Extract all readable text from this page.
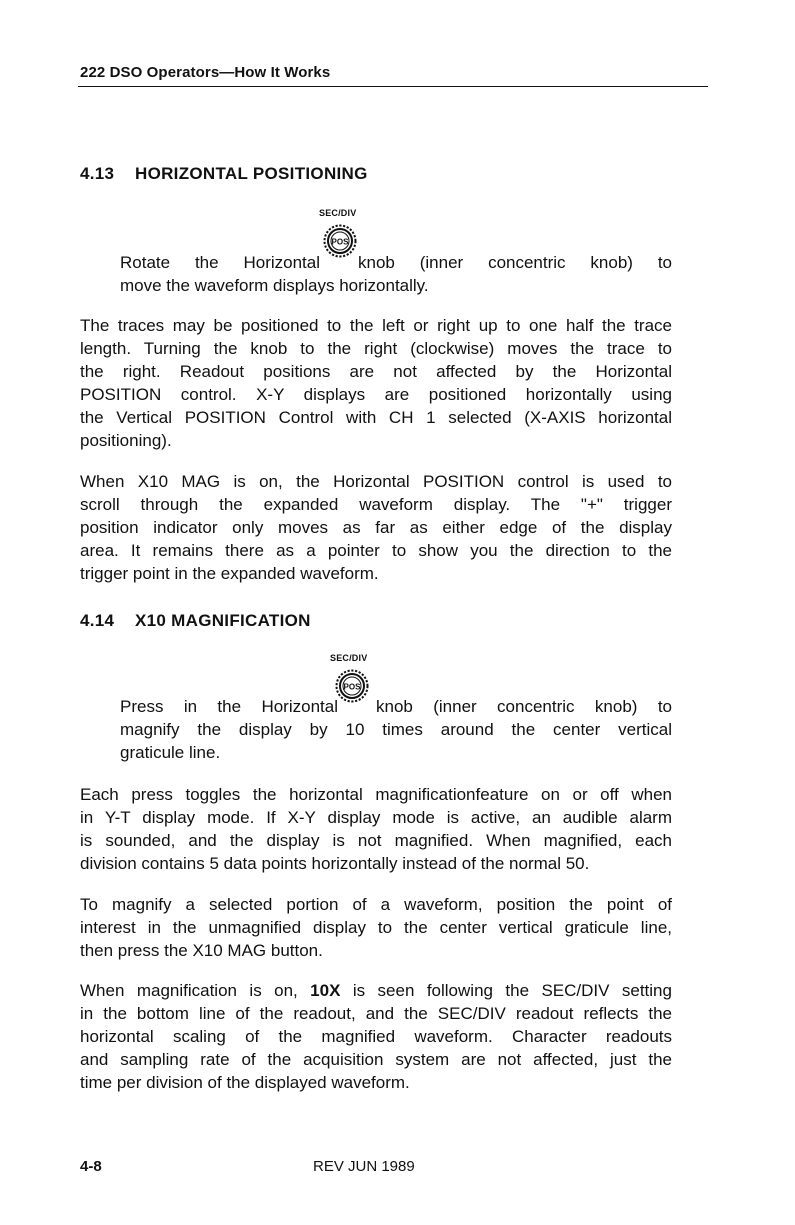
222 DSO Operators—How It Works
4.13 HORIZONTAL POSITIONING
SEC/DIV
POS
Rotate the Horizontal knob (inner concentric knob) to
move the waveform displays horizontally.
The traces may be positioned to the left or right up to one half the trace
length. Turning the knob to the right (clockwise) moves the trace to
the right. Readout positions are not affected by the Horizontal
POSITION control. X-Y displays are positioned horizontally using
the Vertical POSITION Control with CH 1 selected (X-AXIS horizontal
positioning).
When X10 MAG is on, the Horizontal POSITION control is used to
scroll through the expanded waveform display. The "+" trigger
position indicator only moves as far as either edge of the display
area. It remains there as a pointer to show you the direction to the
trigger point in the expanded waveform.
4.14 X10 MAGNIFICATION
SEC/DIV
POS
Press in the Horizontal knob (inner concentric knob) to
magnify the display by 10 times around the center vertical
graticule line.
Each press toggles the horizontal magnificationfeature on or off when
in Y-T display mode. If X-Y display mode is active, an audible alarm
is sounded, and the display is not magnified. When magnified, each
division contains 5 data points horizontally instead of the normal 50.
To magnify a selected portion of a waveform, position the point of
interest in the unmagnified display to the center vertical graticule line,
then press the X10 MAG button.
When magnification is on, 10X is seen following the SEC/DIV setting
in the bottom line of the readout, and the SEC/DIV readout reflects the
horizontal scaling of the magnified waveform. Character readouts
and sampling rate of the acquisition system are not affected, just the
time per division of the displayed waveform.
4-8	REV JUN 1989
